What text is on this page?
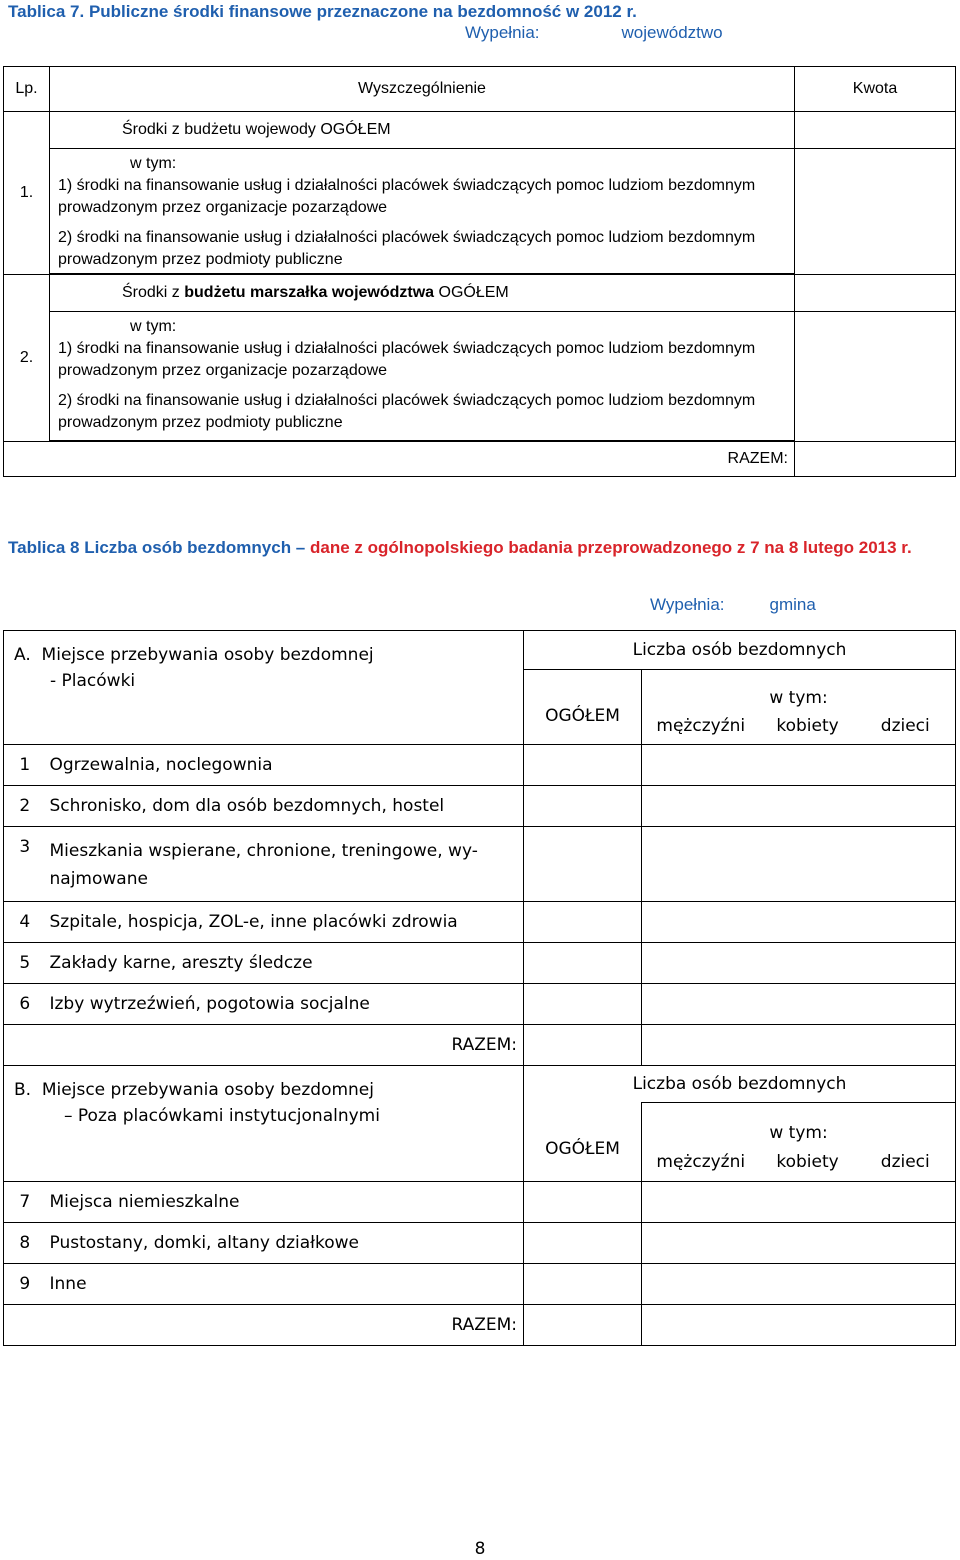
Tablica 7. Publiczne środki finansowe przeznaczone na bezdomność w 2012 r.
Wypełnia:	województwo
Lp.	Wyszczególnienie	Kwota
1.	Środki z budżetu wojewody OGÓŁEM	

	w tym:
1) środki na finansowanie usług i działalności placówek świadczących pomoc ludziom bezdomnym prowadzonym przez organizacje pozarządowe	

	2) środki na finansowanie usług i działalności placówek świadczących pomoc ludziom bezdomnym prowadzonym przez podmioty publiczne	

2.	Środki z budżetu marszałka województwa OGÓŁEM	

	w tym:
1) środki na finansowanie usług i działalności placówek świadczących pomoc ludziom bezdomnym prowadzonym przez organizacje pozarządowe	

	2) środki na finansowanie usług i działalności placówek świadczących pomoc ludziom bezdomnym prowadzonym przez podmioty publiczne	

RAZEM:		
Tablica 8 Liczba osób bezdomnych – dane z ogólnopolskiego badania przeprowadzonego z 7 na 8 lutego 2013 r.
Wypełnia:	gmina
A. Miejsce przebywania osoby bezdomnej
- Placówki		Liczba osób bezdomnych			
		OGÓŁEM	w tym:		
			mężczyźni	kobiety	dzieci
1	Ogrzewalnia, noclegownia				
2	Schronisko, dom dla osób bezdomnych, hostel				
3	Mieszkania wspierane, chronione, treningowe, wy-najmowane				
4	Szpitale, hospicja, ZOL-e, inne placówki zdrowia				
5	Zakłady karne, areszty śledcze				
6	Izby wytrzeźwień, pogotowia socjalne				
RAZEM:					

B. Miejsce przebywania osoby bezdomnej
– Poza placówkami instytucjonalnymi		Liczba osób bezdomnych			
		OGÓŁEM	w tym:		
			mężczyźni	kobiety	dzieci
7	Miejsca niemieszkalne				
8	Pustostany, domki, altany działkowe				
9	Inne				
RAZEM:					
8
